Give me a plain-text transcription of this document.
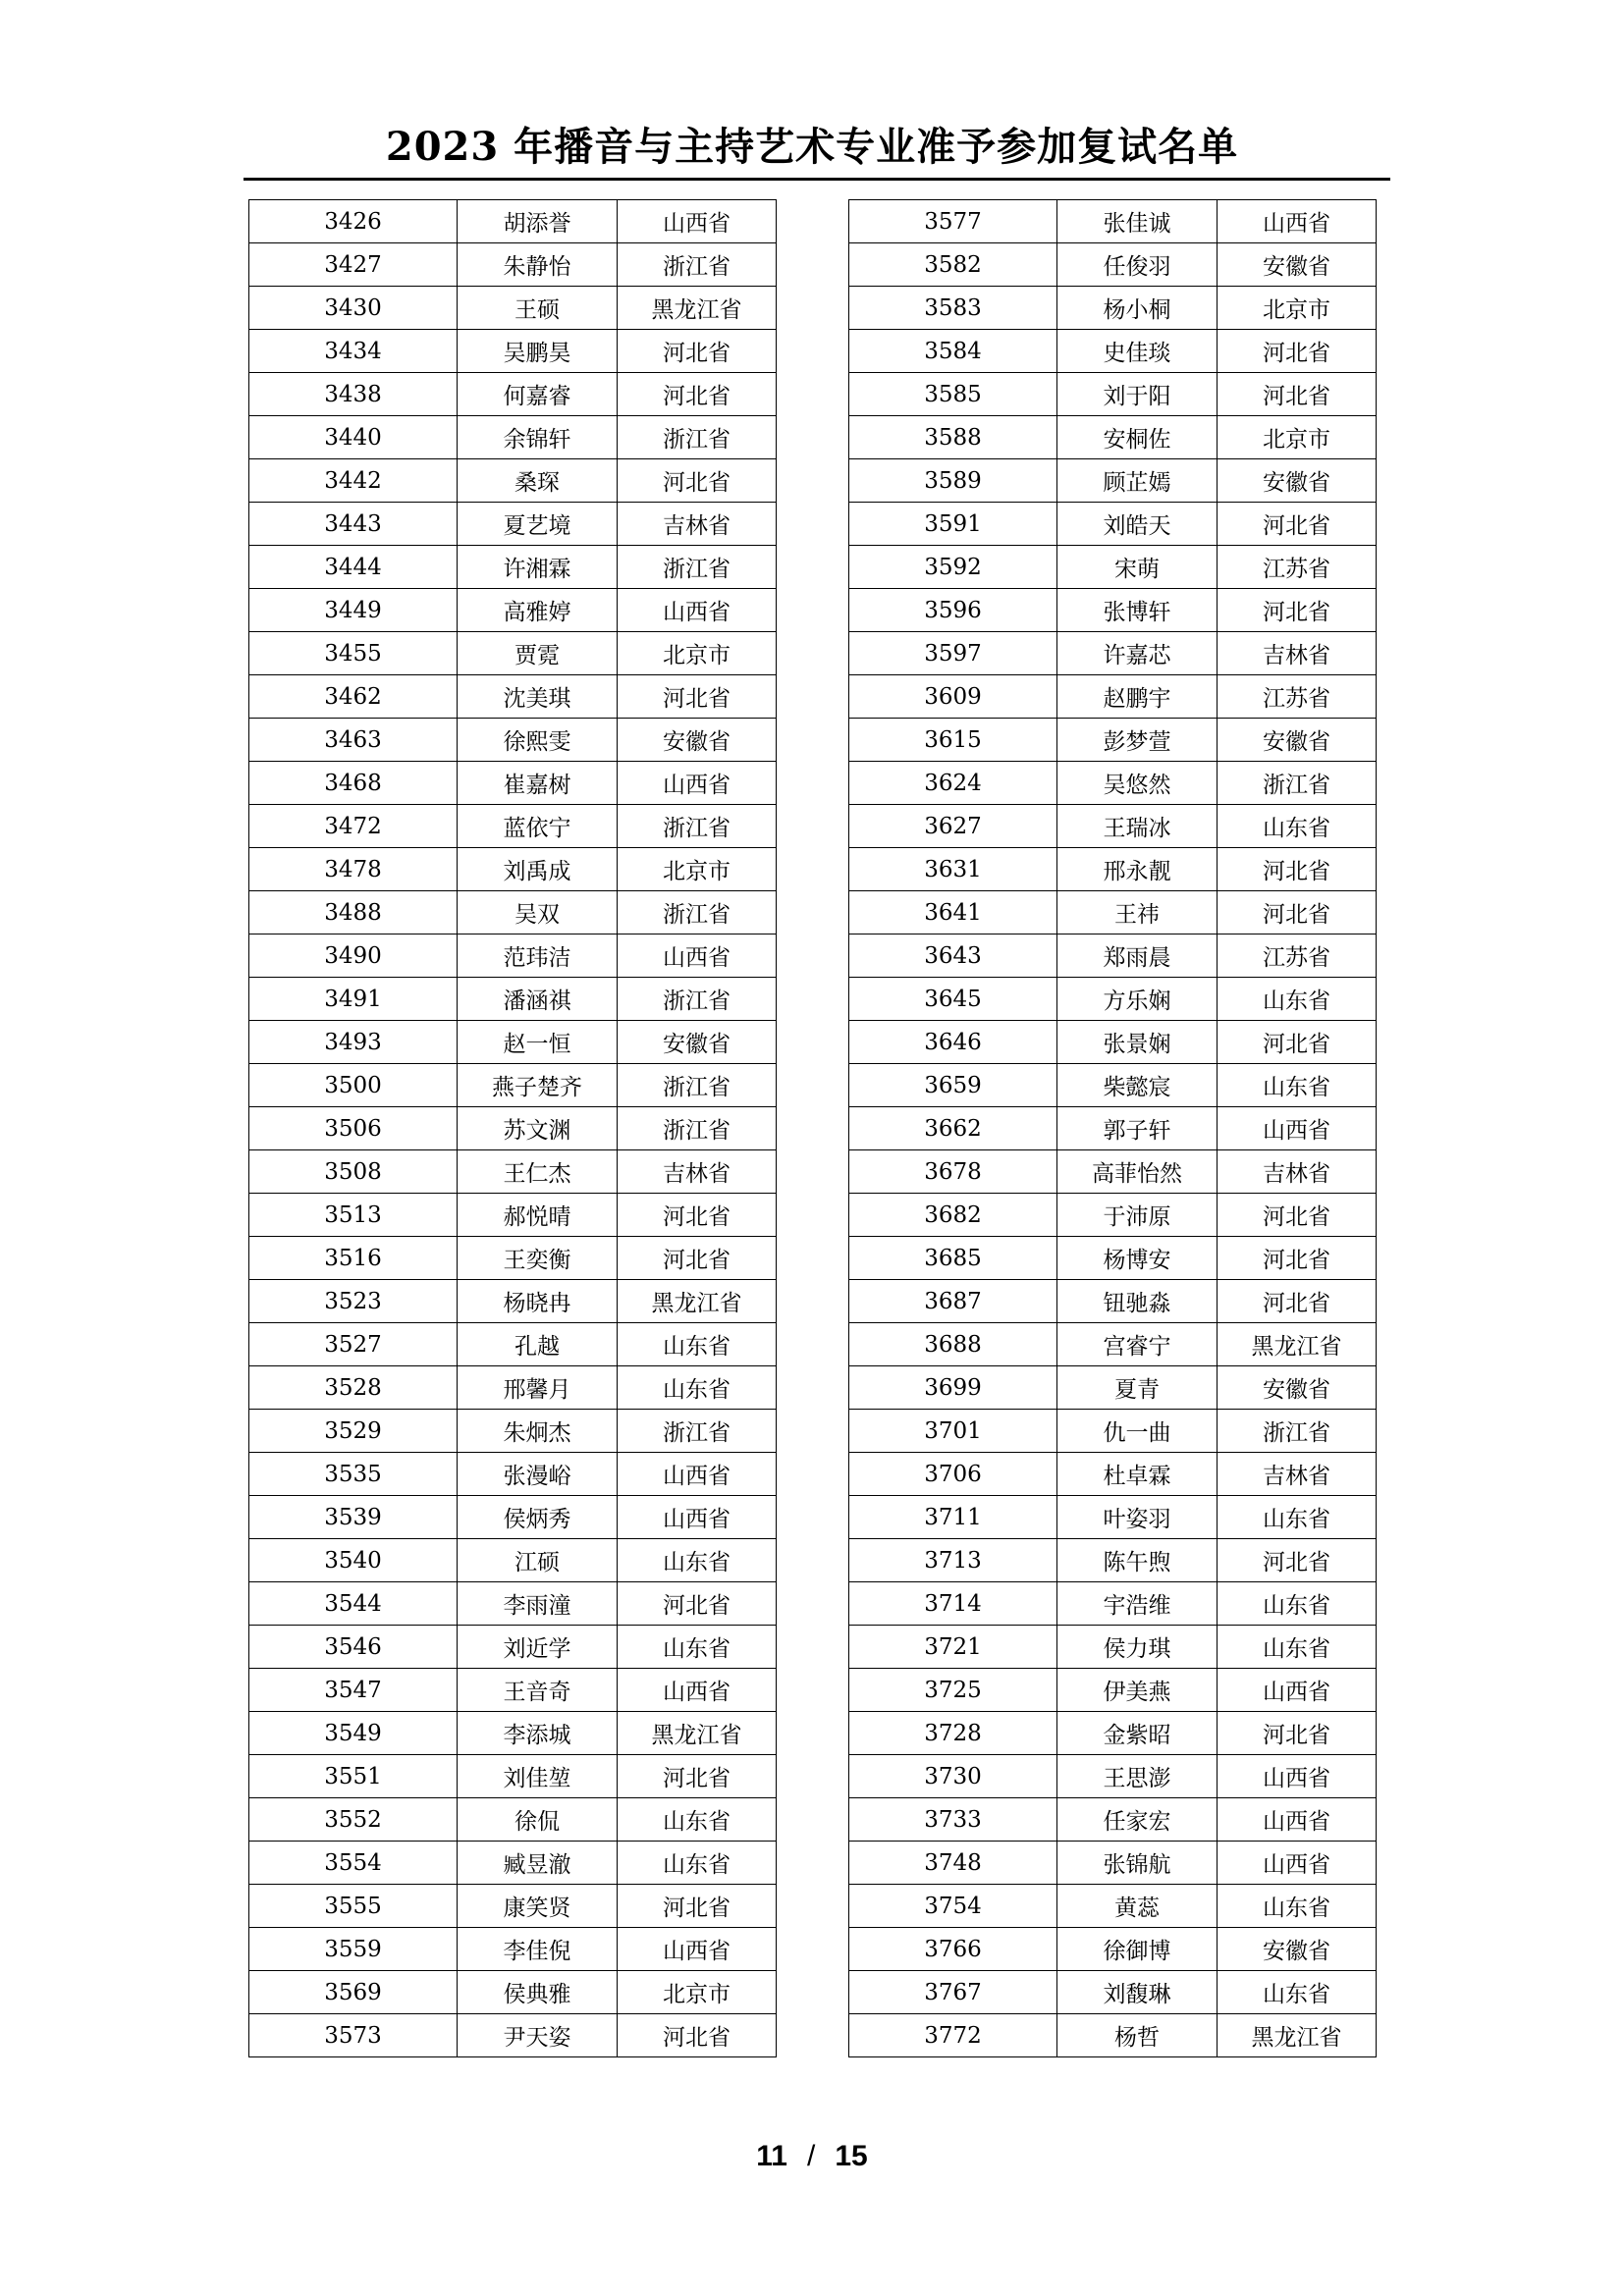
2023 年播音与主持艺术专业准予参加复试名单
3426	胡添誉	山西省
3427	朱静怡	浙江省
3430	王硕	黑龙江省
3434	吴鹏昊	河北省
3438	何嘉睿	河北省
3440	余锦轩	浙江省
3442	桑琛	河北省
3443	夏艺境	吉林省
3444	许湘霖	浙江省
3449	高雅婷	山西省
3455	贾霓	北京市
3462	沈美琪	河北省
3463	徐熙雯	安徽省
3468	崔嘉树	山西省
3472	蓝依宁	浙江省
3478	刘禹成	北京市
3488	吴双	浙江省
3490	范玮洁	山西省
3491	潘涵祺	浙江省
3493	赵一恒	安徽省
3500	燕子楚齐	浙江省
3506	苏文渊	浙江省
3508	王仁杰	吉林省
3513	郝悦晴	河北省
3516	王奕衡	河北省
3523	杨晓冉	黑龙江省
3527	孔越	山东省
3528	邢馨月	山东省
3529	朱炯杰	浙江省
3535	张漫峪	山西省
3539	侯炳秀	山西省
3540	江硕	山东省
3544	李雨潼	河北省
3546	刘近学	山东省
3547	王音奇	山西省
3549	李添城	黑龙江省
3551	刘佳堃	河北省
3552	徐侃	山东省
3554	臧昱澈	山东省
3555	康笑贤	河北省
3559	李佳倪	山西省
3569	侯典雅	北京市
3573	尹天姿	河北省
3577	张佳诚	山西省
3582	任俊羽	安徽省
3583	杨小桐	北京市
3584	史佳琰	河北省
3585	刘于阳	河北省
3588	安桐佐	北京市
3589	顾芷嫣	安徽省
3591	刘皓天	河北省
3592	宋萌	江苏省
3596	张博轩	河北省
3597	许嘉芯	吉林省
3609	赵鹏宇	江苏省
3615	彭梦萱	安徽省
3624	吴悠然	浙江省
3627	王瑞冰	山东省
3631	邢永靓	河北省
3641	王祎	河北省
3643	郑雨晨	江苏省
3645	方乐娴	山东省
3646	张景娴	河北省
3659	柴懿宸	山东省
3662	郭子轩	山西省
3678	高菲怡然	吉林省
3682	于沛原	河北省
3685	杨博安	河北省
3687	钮驰淼	河北省
3688	宫睿宁	黑龙江省
3699	夏青	安徽省
3701	仇一曲	浙江省
3706	杜卓霖	吉林省
3711	叶姿羽	山东省
3713	陈午煦	河北省
3714	宇浩维	山东省
3721	侯力琪	山东省
3725	伊美燕	山西省
3728	金紫昭	河北省
3730	王思澎	山西省
3733	任家宏	山西省
3748	张锦航	山西省
3754	黄蕊	山东省
3766	徐御博	安徽省
3767	刘馥琳	山东省
3772	杨哲	黑龙江省
11 / 15
